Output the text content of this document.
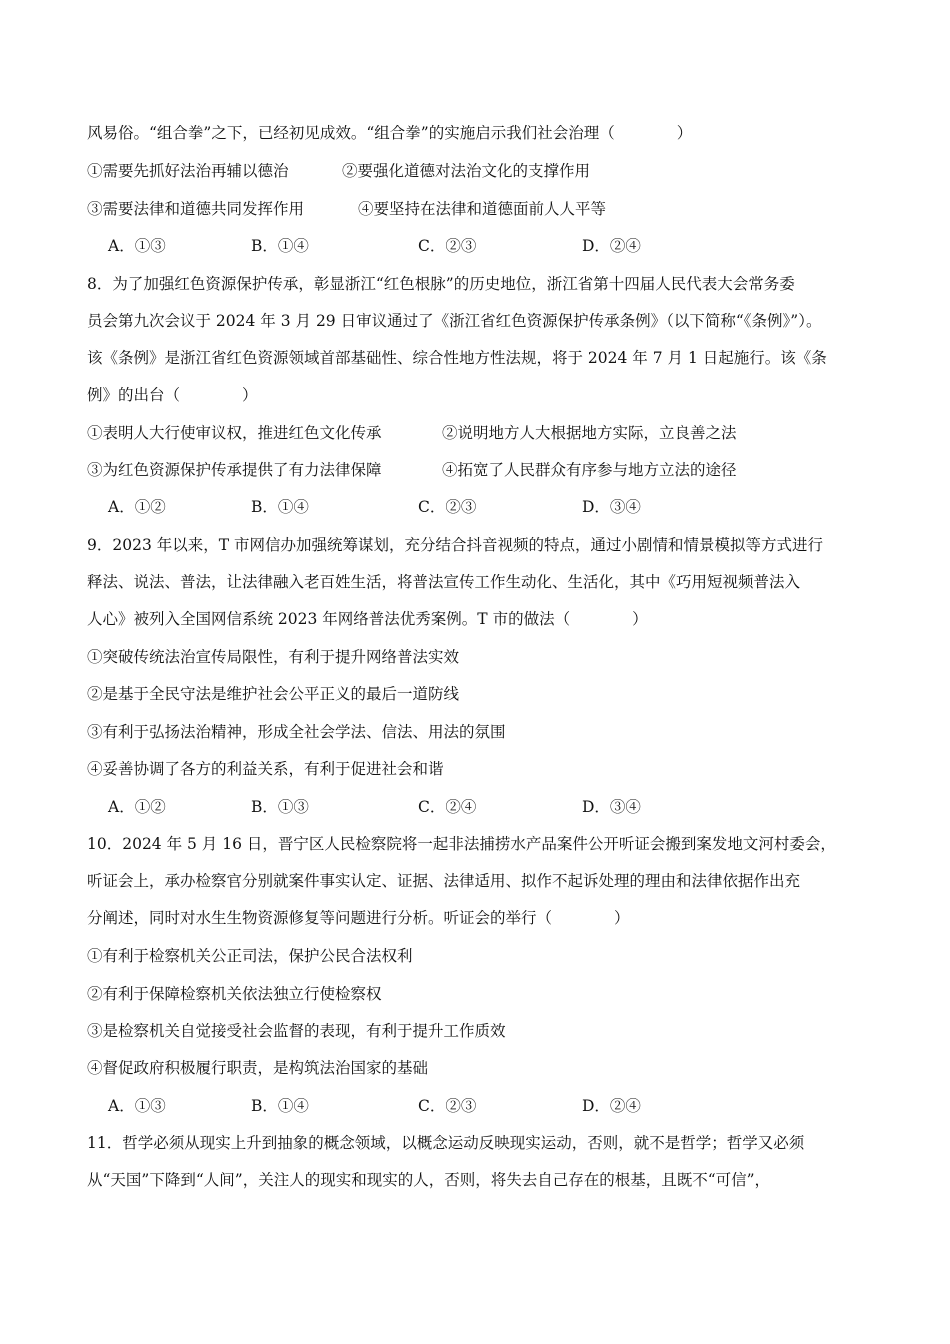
风易俗。“组合拳”之下，已经初见成效。“组合拳”的实施启示我们社会治理（　　　　）
①需要先抓好法治再辅以德治	②要强化道德对法治文化的支撑作用
③需要法律和道德共同发挥作用	④要坚持在法律和道德面前人人平等
A．①③	B．①④	C．②③	D．②④
8．为了加强红色资源保护传承，彰显浙江“红色根脉”的历史地位，浙江省第十四届人民代表大会常务委
员会第九次会议于 2024 年 3 月 29 日审议通过了《浙江省红色资源保护传承条例》（以下简称“《条例》”）。
该《条例》是浙江省红色资源领域首部基础性、综合性地方性法规，将于 2024 年 7 月 1 日起施行。该《条
例》的出台（　　　　）
①表明人大行使审议权，推进红色文化传承	②说明地方人大根据地方实际，立良善之法
③为红色资源保护传承提供了有力法律保障	④拓宽了人民群众有序参与地方立法的途径
A．①②	B．①④	C．②③	D．③④
9．2023 年以来，T 市网信办加强统筹谋划，充分结合抖音视频的特点，通过小剧情和情景模拟等方式进行
释法、说法、普法，让法律融入老百姓生活，将普法宣传工作生动化、生活化，其中《巧用短视频普法入
人心》被列入全国网信系统 2023 年网络普法优秀案例。T 市的做法（　　　　）
①突破传统法治宣传局限性，有利于提升网络普法实效
②是基于全民守法是维护社会公平正义的最后一道防线
③有利于弘扬法治精神，形成全社会学法、信法、用法的氛围
④妥善协调了各方的利益关系，有利于促进社会和谐
A．①②	B．①③	C．②④	D．③④
10．2024 年 5 月 16 日，晋宁区人民检察院将一起非法捕捞水产品案件公开听证会搬到案发地文河村委会，
听证会上，承办检察官分别就案件事实认定、证据、法律适用、拟作不起诉处理的理由和法律依据作出充
分阐述，同时对水生生物资源修复等问题进行分析。听证会的举行（　　　　）
①有利于检察机关公正司法，保护公民合法权利
②有利于保障检察机关依法独立行使检察权
③是检察机关自觉接受社会监督的表现，有利于提升工作质效
④督促政府积极履行职责，是构筑法治国家的基础
A．①③	B．①④	C．②③	D．②④
11．哲学必须从现实上升到抽象的概念领域，以概念运动反映现实运动，否则，就不是哲学；哲学又必须
从“天国”下降到“人间”，关注人的现实和现实的人，否则，将失去自己存在的根基，且既不“可信”，
